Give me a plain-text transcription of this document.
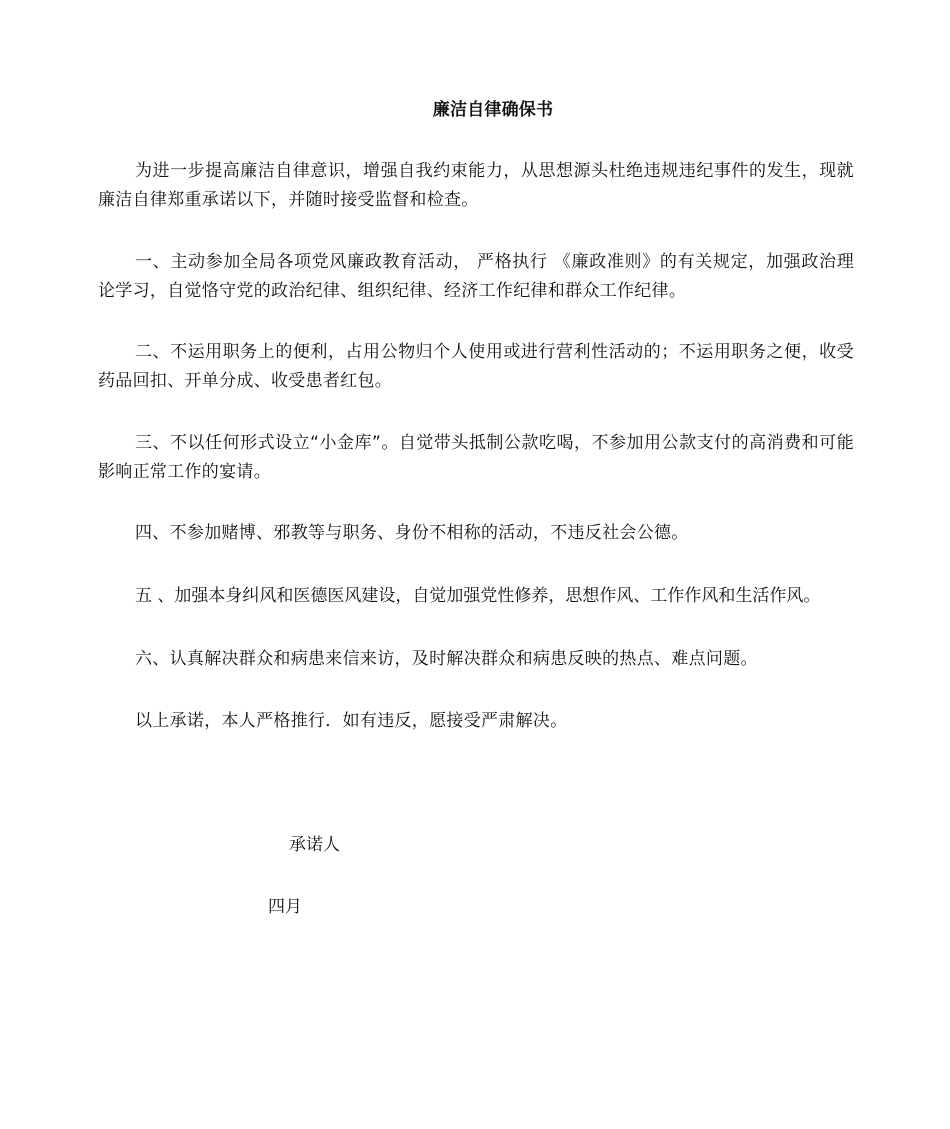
廉洁自律确保书

为进一步提高廉洁自律意识，增强自我约束能力，从思想源头杜绝违规违纪事件的发生，现就廉洁自律郑重承诺以下，并随时接受监督和检查。

一、主动参加全局各项党风廉政教育活动， 严格执行 《廉政准则》的有关规定，加强政治理论学习，自觉恪守党的政治纪律、组织纪律、经济工作纪律和群众工作纪律。

二、不运用职务上的便利，占用公物归个人使用或进行营利性活动的；不运用职务之便，收受药品回扣、开单分成、收受患者红包。

三、不以任何形式设立“小金库”。自觉带头抵制公款吃喝，不参加用公款支付的高消费和可能影响正常工作的宴请。

四、不参加赌博、邪教等与职务、身份不相称的活动，不违反社会公德。

五 、加强本身纠风和医德医风建设，自觉加强党性修养，思想作风、工作作风和生活作风。

六、认真解决群众和病患来信来访，及时解决群众和病患反映的热点、难点问题。

以上承诺，本人严格推行．如有违反，愿接受严肃解决。

承诺人
四月
